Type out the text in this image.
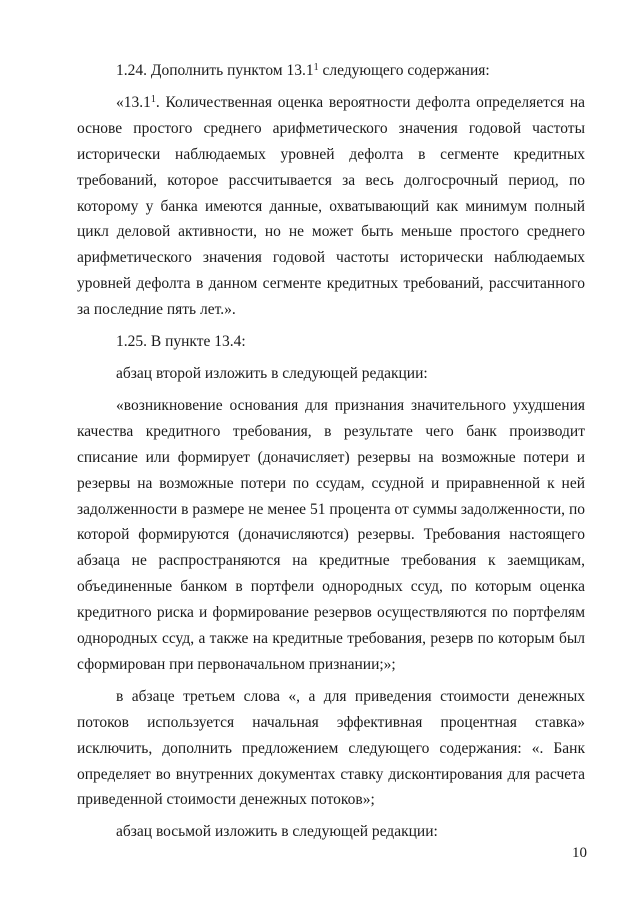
1.24. Дополнить пунктом 13.1$^1$ следующего содержания:

«13.1$^1$. Количественная оценка вероятности дефолта определяется на основе простого среднего арифметического значения годовой частоты исторически наблюдаемых уровней дефолта в сегменте кредитных требований, которое рассчитывается за весь долгосрочный период, по которому у банка имеются данные, охватывающий как минимум полный цикл деловой активности, но не может быть меньше простого среднего арифметического значения годовой частоты исторически наблюдаемых уровней дефолта в данном сегменте кредитных требований, рассчитанного за последние пять лет.».

1.25. В пункте 13.4:

абзац второй изложить в следующей редакции:

«возникновение основания для признания значительного ухудшения качества кредитного требования, в результате чего банк производит списание или формирует (доначисляет) резервы на возможные потери и резервы на возможные потери по ссудам, ссудной и приравненной к ней задолженности в размере не менее 51 процента от суммы задолженности, по которой формируются (доначисляются) резервы. Требования настоящего абзаца не распространяются на кредитные требования к заемщикам, объединенные банком в портфели однородных ссуд, по которым оценка кредитного риска и формирование резервов осуществляются по портфелям однородных ссуд, а также на кредитные требования, резерв по которым был сформирован при первоначальном признании;»;

в абзаце третьем слова «, а для приведения стоимости денежных потоков используется начальная эффективная процентная ставка» исключить, дополнить предложением следующего содержания: «. Банк определяет во внутренних документах ставку дисконтирования для расчета приведенной стоимости денежных потоков»;

абзац восьмой изложить в следующей редакции:

10
